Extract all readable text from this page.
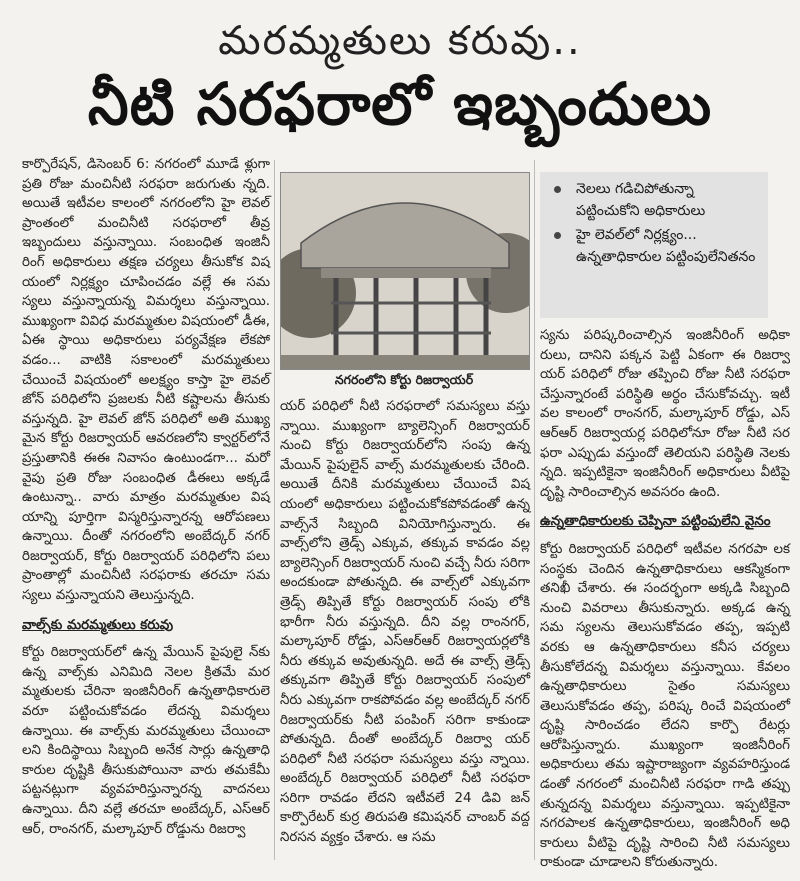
మరమ్మతులు కరువు..
నీటి సరఫరాలో ఇబ్బందులు

కార్పొరేషన్, డిసెంబర్ 6: నగరంలో మూడే ళ్లుగా ప్రతి రోజు మంచినీటి సరఫరా జరుగుతు న్నది. అయితే ఇటీవల కాలంలో నగరంలోని హై లెవల్ ప్రాంతంలో మంచినీటి సరఫరాలో తీవ్ర ఇబ్బందులు వస్తున్నాయి. సంబంధిత ఇంజినీ రింగ్ అధికారులు తక్షణ చర్యలు తీసుకోక విష యంలో నిర్లక్ష్యం చూపించడం వల్లే ఈ సమ స్యలు వస్తున్నాయన్న విమర్శలు వస్తున్నాయి. ముఖ్యంగా వివిధ మరమ్మతుల విషయంలో డీఈ, ఏఈ స్థాయి అధికారులు పర్యవేక్షణ లేకపో వడం... వాటికి సకాలంలో మరమ్మతులు చేయించే విషయంలో అలక్ష్యం కాస్తా హై లెవల్ జోన్ పరిధిలోని ప్రజలకు నీటి కష్టాలను తీసుకు వస్తున్నది. హై లెవల్ జోన్ పరిధిలో అతి ముఖ్య మైన కోర్టు రిజర్వాయర్ ఆవరణలోని క్వార్టర్‌లోనే ప్రస్తుతానికి ఈఈ నివాసం ఉంటుండగా... మరో వైపు ప్రతి రోజు సంబంధిత డీఈలు అక్కడే ఉంటున్నా.. వారు మాత్రం మరమ్మతుల విష యాన్ని పూర్తిగా విస్మరిస్తున్నారన్న ఆరోపణలు ఉన్నాయి. దీంతో నగరంలోని అంబేద్కర్ నగర్ రిజర్వాయర్, కోర్టు రిజర్వాయర్ పరిధిలోని పలు ప్రాంతాల్లో మంచినీటి సరఫరాకు తరచూ సమ స్యలు వస్తున్నాయని తెలుస్తున్నది.

వాల్స్‌కు మరమ్మతులు కరువు

కోర్టు రిజర్వాయర్‌లో ఉన్న మేయిన్ పైపులై న్‌కు ఉన్న వాల్స్‌కు ఎనిమిది నెలల క్రితమే మర మ్మతులకు చేరినా ఇంజినీరింగ్ ఉన్నతాధికారులె వరూ పట్టించుకోవడం లేదన్న విమర్శలు ఉన్నాయి. ఈ వాల్స్‌కు మరమ్మతులు చేయించా లని కిందిస్థాయి సిబ్బంది అనేక సార్లు ఉన్నతాధి కారుల దృష్టికి తీసుకుపోయినా వారు తమకేమీ పట్టనట్లుగా వ్యవహరిస్తున్నారన్న వాదనలు ఉన్నాయి. దీని వల్లే తరచూ అంబేద్కర్, ఎస్ఆర్ ఆర్, రాంనగర్, మల్కాపూర్ రోడ్డును రిజర్వా

నగరంలోని కోర్టు రిజర్వాయర్
నెలలు గడిచిపోతున్నా పట్టించుకోని అధికారులు
హై లెవల్‌లో నిర్లక్ష్యం... ఉన్నతాధికారుల పట్టింపులేనితనం

యర్ పరిధిలో నీటి సరఫరాలో సమస్యలు వస్తు న్నాయి. ముఖ్యంగా బ్యాలెన్సింగ్ రిజర్వాయర్ నుంచి కోర్టు రిజర్వాయర్‌లోని సంపు ఉన్న మేయిన్ పైపులైన్ వాల్స్ మరమ్మతులకు చేరింది. అయితే దీనికి మరమ్మతులు చేయించే విష యంలో అధికారులు పట్టించుకోకపోవడంతో ఉన్న వాల్స్‌నే సిబ్బంది వినియోగిస్తున్నారు. ఈ వాల్స్‌లోని త్రెడ్స్ ఎక్కువ, తక్కువ కావడం వల్ల బ్యాలెన్సింగ్ రిజర్వాయర్ నుంచి వచ్చే నీరు సరిగా అందకుండా పోతున్నది. ఈ వాల్స్‌లో ఎక్కువగా త్రెడ్స్ తిప్పితే కోర్టు రిజర్వాయర్ సంపు లోకి భారీగా నీరు వస్తున్నది. దీని వల్ల రాంనగర్, మల్కాపూర్ రోడ్డు, ఎస్ఆర్ఆర్ రిజర్వాయర్లలోకి నీరు తక్కువ అవుతున్నది. అదే ఈ వాల్స్ త్రెడ్స్ తక్కువగా తిప్పితే కోర్టు రిజర్వాయర్ సంపులో నీరు ఎక్కువగా రాకపోవడం వల్ల అంబేద్కర్ నగర్ రిజర్వాయర్‌కు నీటి పంపింగ్ సరిగా కాకుండా పోతున్నది. దీంతో అంబేద్కర్ రిజర్వా యర్ పరిధిలో నీటి సరఫరా సమస్యలు వస్తు న్నాయి. అంబేద్కర్ రిజర్వాయర్ పరిధిలో నీటి సరఫరా సరిగా రావడం లేదని ఇటీవలే 24 డివి జన్ కార్పొరేటర్ కుర్ర తిరుపతి కమిషనర్ చాంబర్ వద్ద నిరసన వ్యక్తం చేశారు. ఆ సమ

స్యను పరిష్కరించాల్సిన ఇంజినీరింగ్ అధికా రులు, దానిని పక్కన పెట్టి ఏకంగా ఈ రిజర్వా యర్ పరిధిలో రోజు తప్పించి రోజు నీటి సరఫరా చేస్తున్నారంటే పరిస్థితి అర్థం చేసుకోవచ్చు. ఇటీ వల కాలంలో రాంనగర్, మల్కాపూర్ రోడ్డు, ఎస్ ఆర్ఆర్ రిజర్వాయర్ల పరిధిలోనూ రోజు నీటి సర ఫరా ఎప్పుడు వస్తుందో తెలియని పరిస్థితి నెలకు న్నది. ఇప్పటికైనా ఇంజినీరింగ్ అధికారులు వీటిపై దృష్టి సారించాల్సిన అవసరం ఉంది.

ఉన్నతాధికారులకు చెప్పినా పట్టింపులేని వైనం

కోర్టు రిజర్వాయర్ పరిధిలో ఇటీవల నగరపా లక సంస్థకు చెందిన ఉన్నతాధికారులు ఆకస్మికంగా తనిఖీ చేశారు. ఈ సందర్భంగా అక్కడి సిబ్బంది నుంచి వివరాలు తీసుకున్నారు. అక్కడ ఉన్న సమ స్యలను తెలుసుకోవడం తప్ప, ఇప్పటి వరకు ఆ ఉన్నతాధికారులు కనీస చర్యలు తీసుకోలేదన్న విమర్శలు వస్తున్నాయి. కేవలం ఉన్నతాధికారులు సైతం సమస్యలు తెలుసుకోవడం తప్ప, పరిష్క రించే విషయంలో దృష్టి సారించడం లేదని కార్పొ రేటర్లు ఆరోపిస్తున్నారు. ముఖ్యంగా ఇంజినీరింగ్ అధికారులు తమ ఇష్టారాజ్యంగా వ్యవహరిస్తుండ డంతో నగరంలో మంచినీటి సరఫరా గాడి తప్పు తున్నదన్న విమర్శలు వస్తున్నాయి. ఇప్పటికైనా నగరపాలక ఉన్నతాధికారులు, ఇంజినీరింగ్ అధి కారులు వీటిపై దృష్టి సారించి నీటి సమస్యలు రాకుండా చూడాలని కోరుతున్నారు.
